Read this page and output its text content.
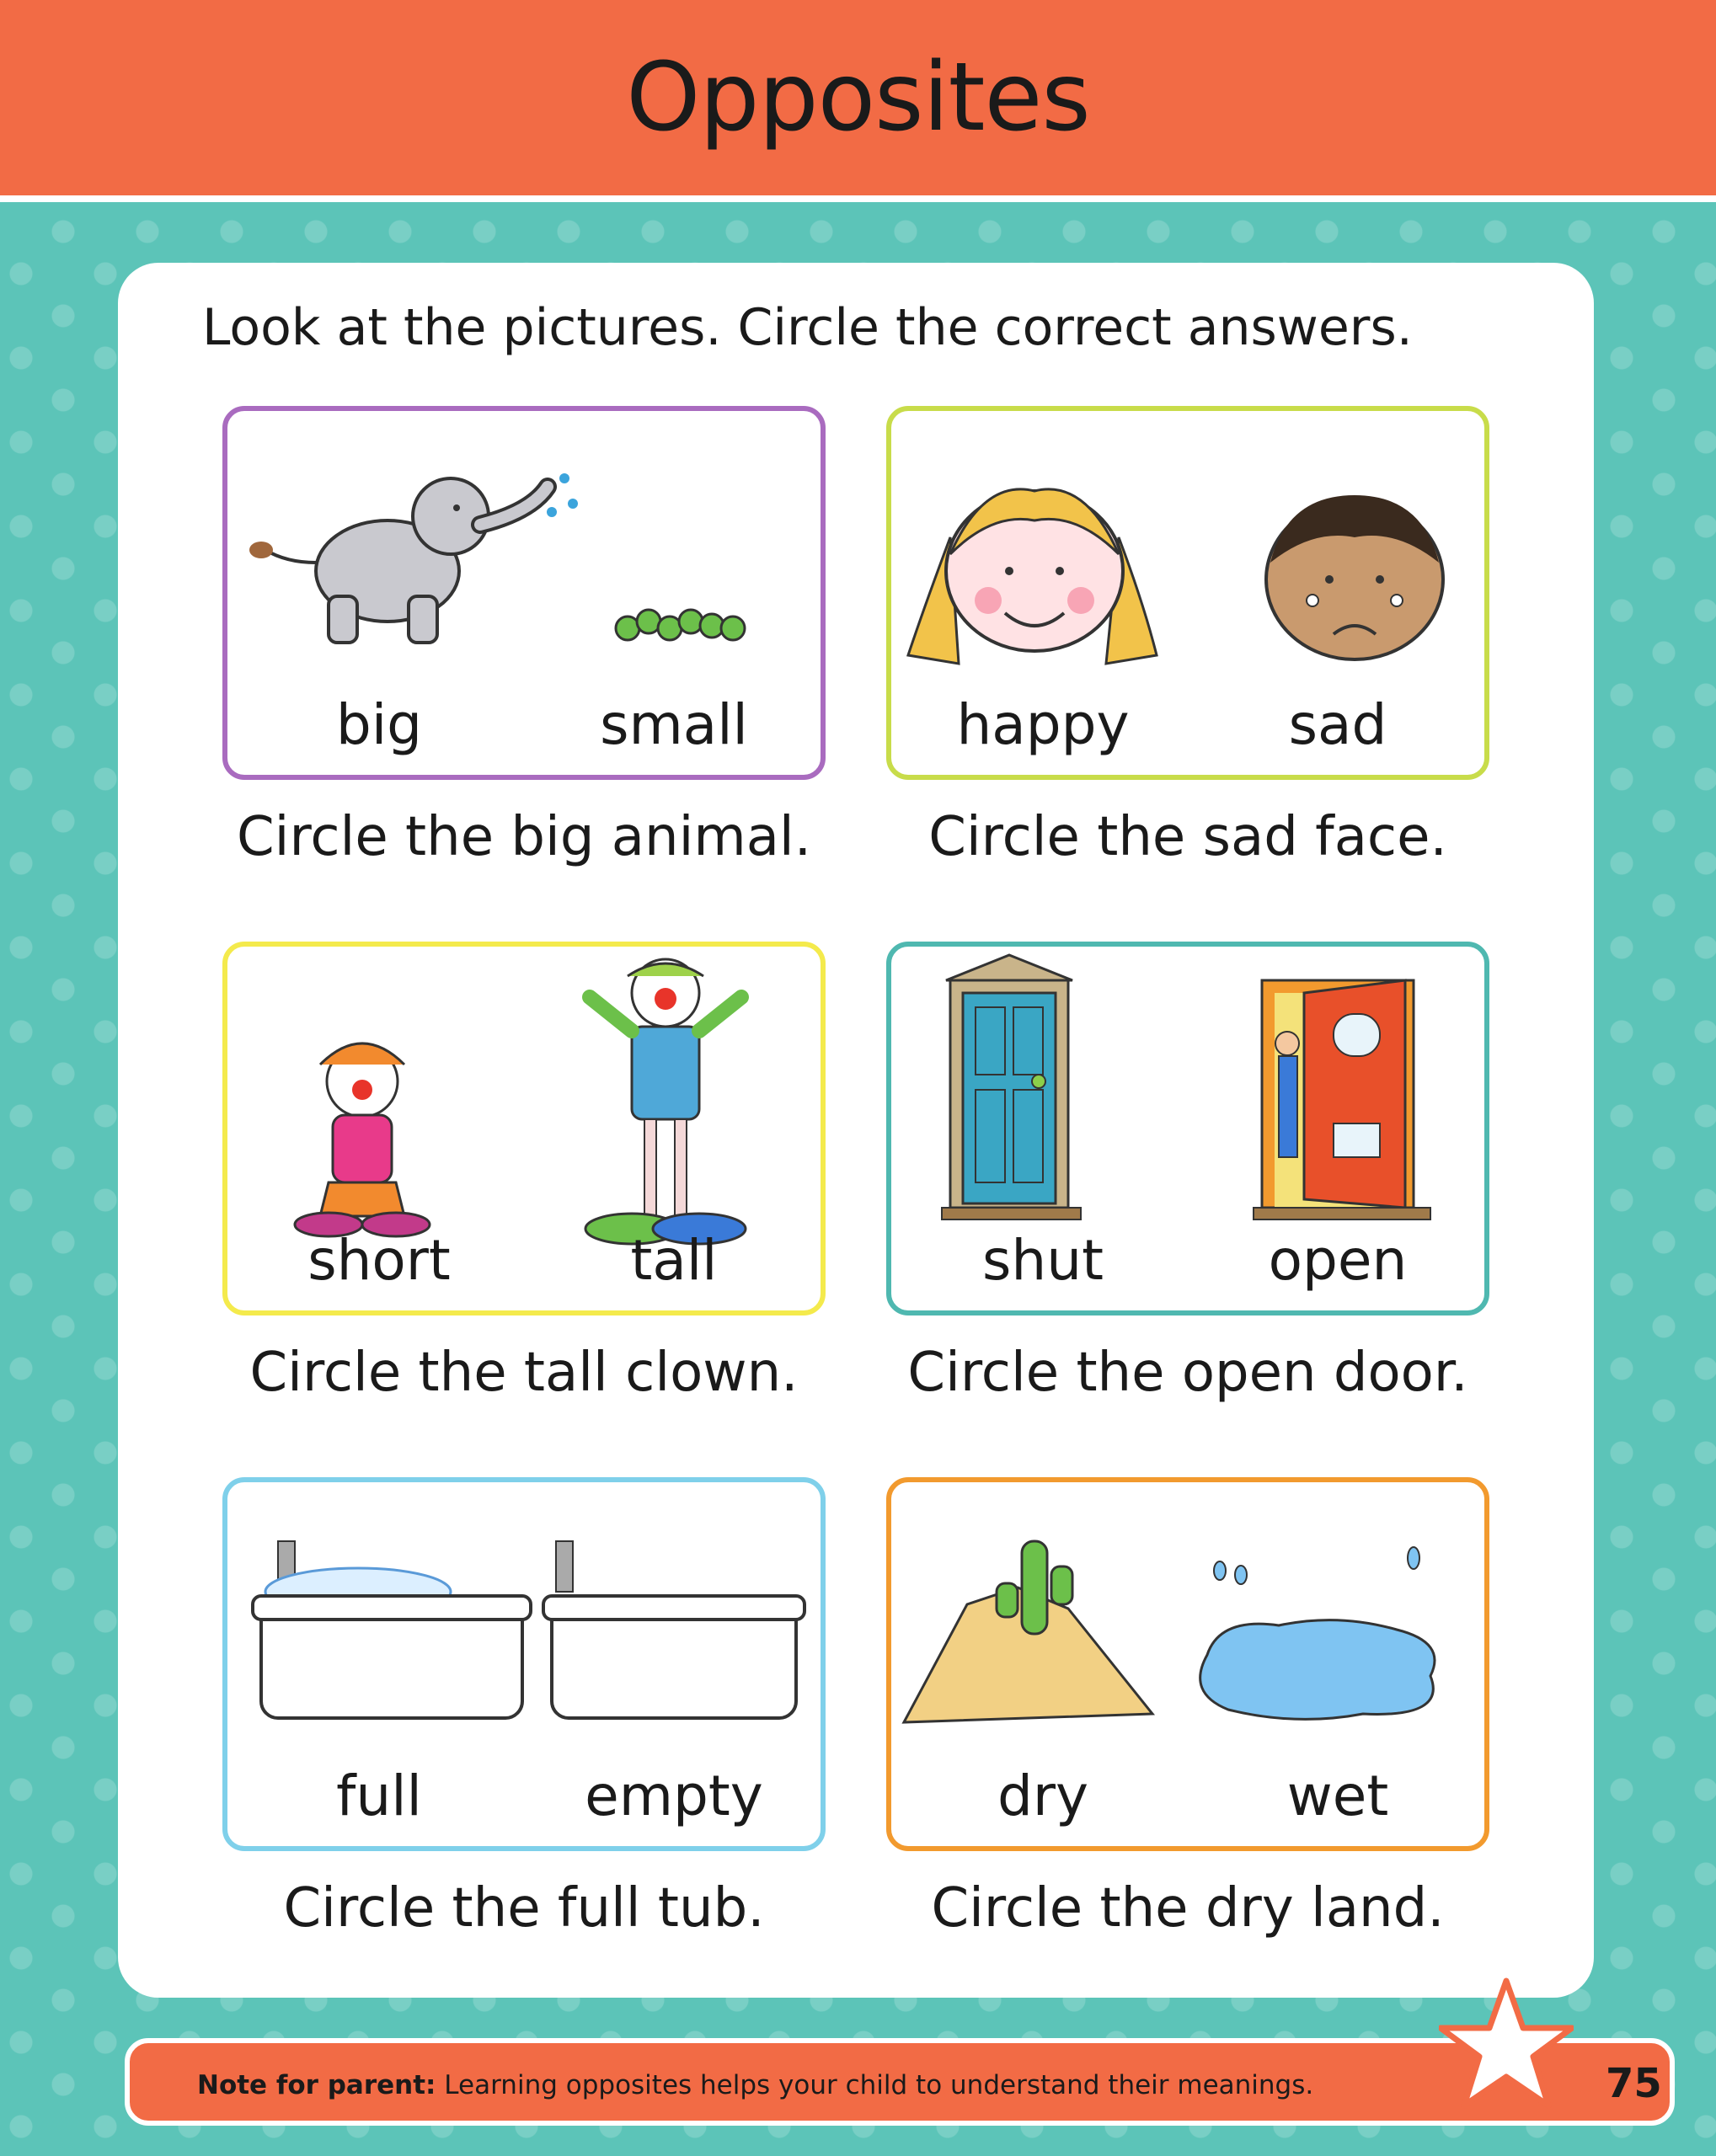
Opposites

Look at the pictures. Circle the correct answers.

big	small
Circle the big animal.
happy	sad
Circle the sad face.
short	tall
Circle the tall clown.
shut	open
Circle the open door.
full	empty
Circle the full tub.
dry	wet
Circle the dry land.
Note for parent: Learning opposites helps your child to understand their meanings.	75
